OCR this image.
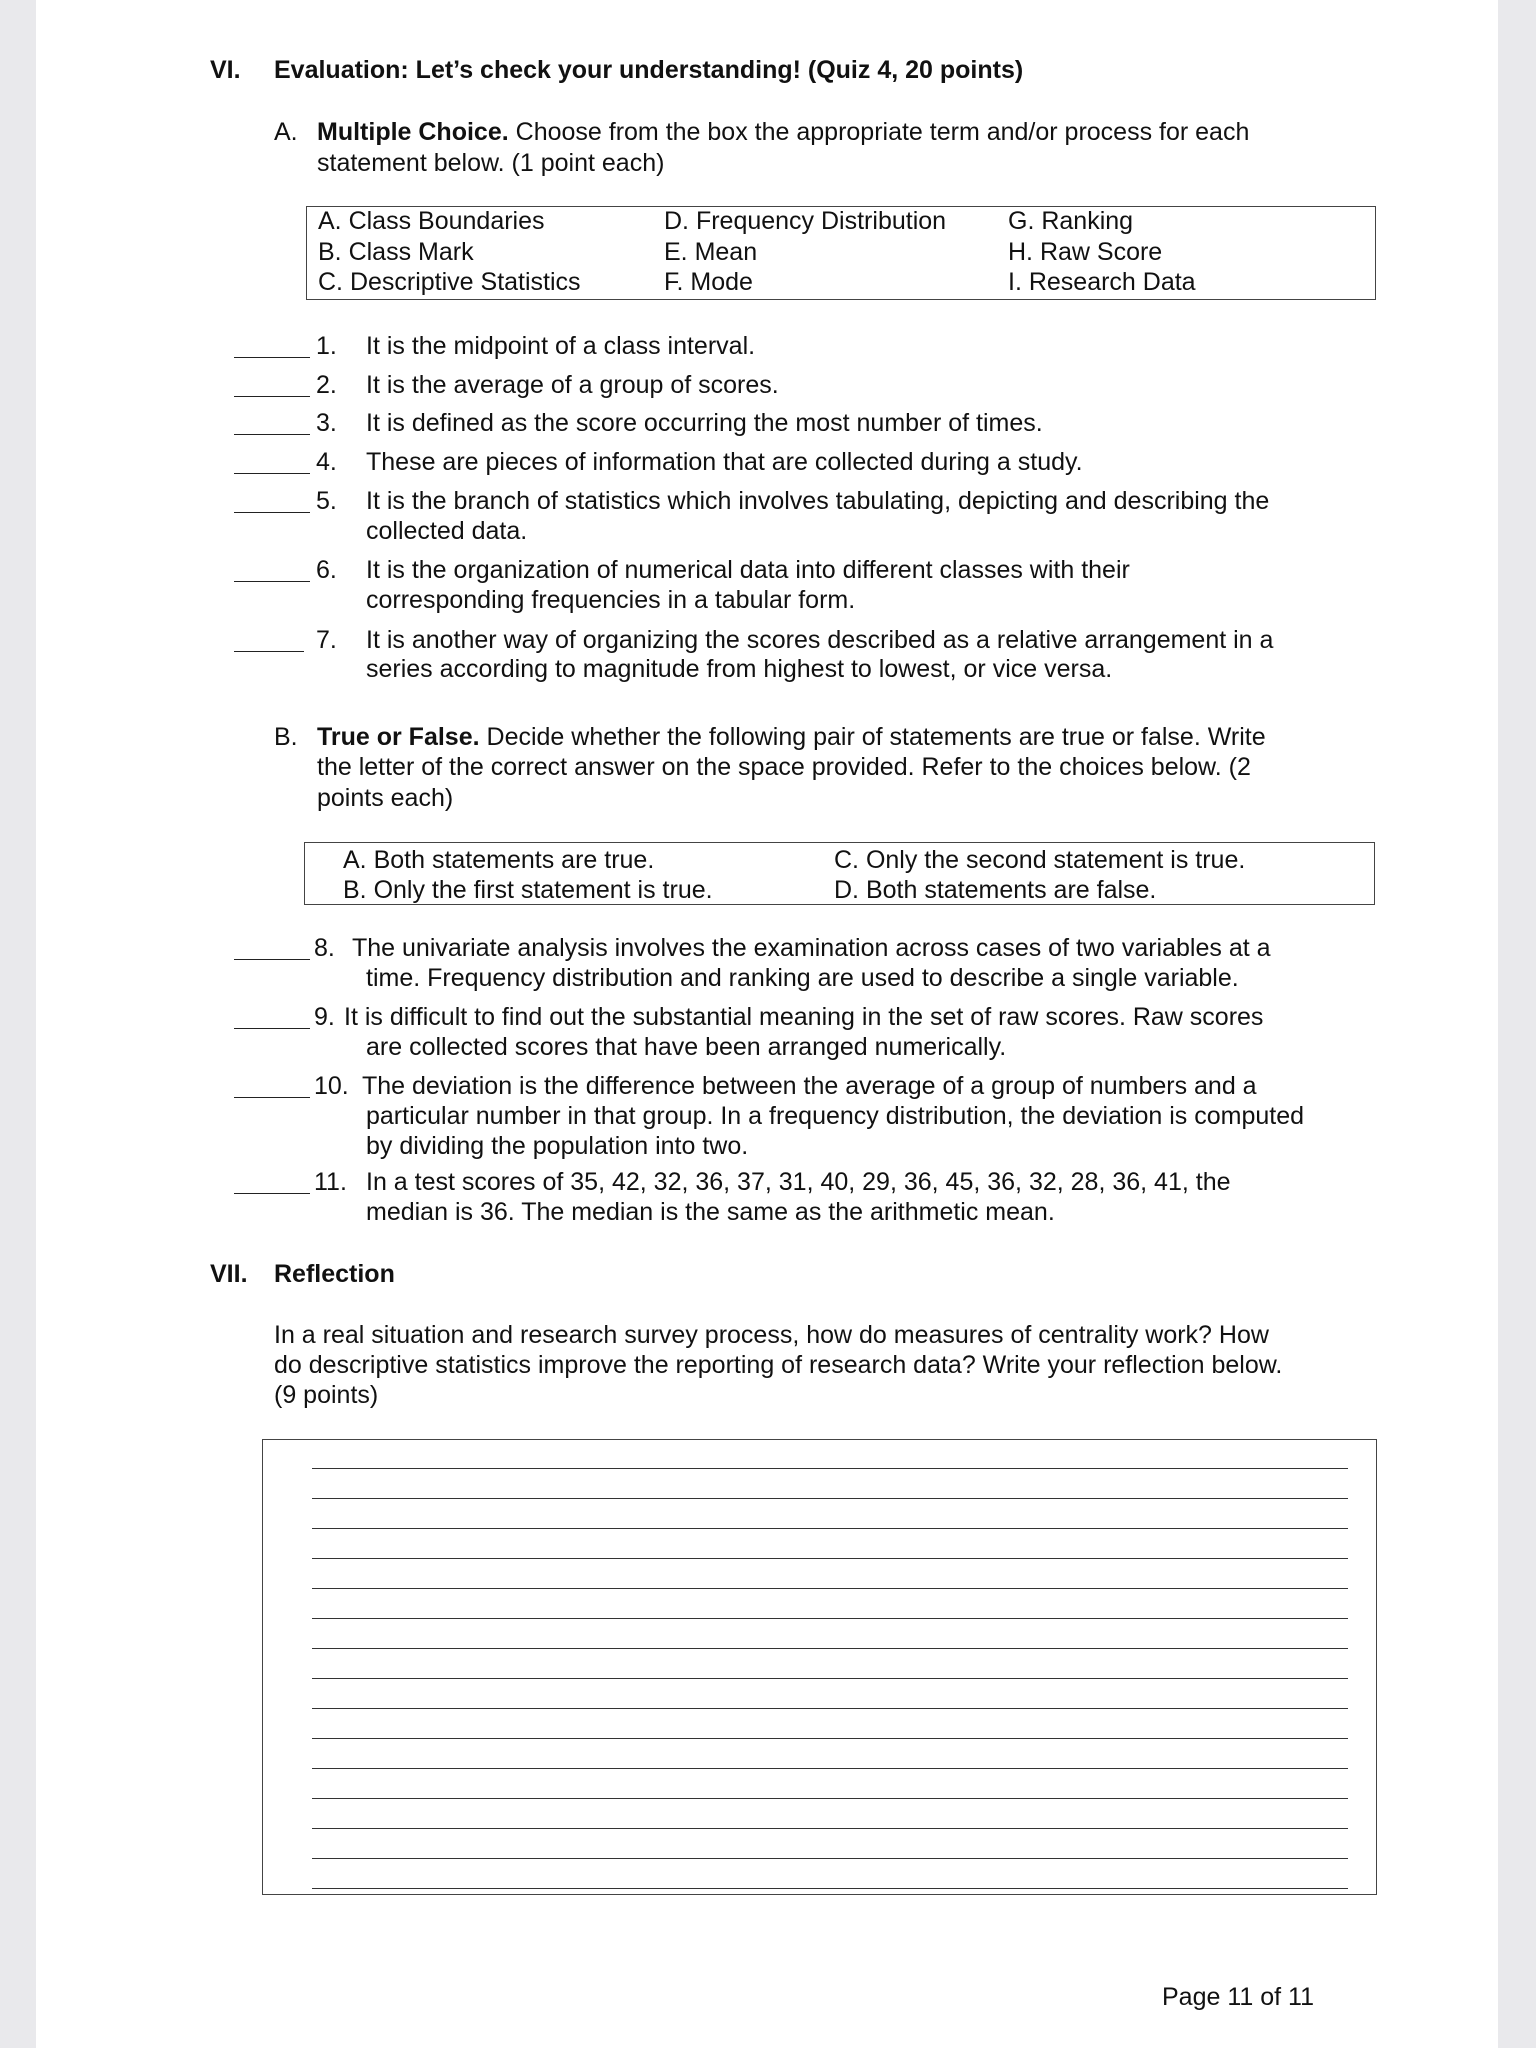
VI. Evaluation: Let’s check your understanding! (Quiz 4, 20 points)
A. Multiple Choice. Choose from the box the appropriate term and/or process for each
statement below. (1 point each)
A. Class Boundaries	D. Frequency Distribution G. Ranking
B. Class Mark	E. Mean	H. Raw Score
C. Descriptive Statistics	F. Mode	I. Research Data
1. It is the midpoint of a class interval.
2. It is the average of a group of scores.
3. It is defined as the score occurring the most number of times.
4. These are pieces of information that are collected during a study.
5. It is the branch of statistics which involves tabulating, depicting and describing the
collected data.
6. It is the organization of numerical data into different classes with their
corresponding frequencies in a tabular form.
7. It is another way of organizing the scores described as a relative arrangement in a
series according to magnitude from highest to lowest, or vice versa.
B. True or False. Decide whether the following pair of statements are true or false. Write
the letter of the correct answer on the space provided. Refer to the choices below. (2
points each)
A. Both statements are true.	C. Only the second statement is true.
B. Only the first statement is true.	D. Both statements are false.
8. The univariate analysis involves the examination across cases of two variables at a
time. Frequency distribution and ranking are used to describe a single variable.
9. It is difficult to find out the substantial meaning in the set of raw scores. Raw scores
are collected scores that have been arranged numerically.
10. The deviation is the difference between the average of a group of numbers and a
particular number in that group. In a frequency distribution, the deviation is computed
by dividing the population into two.
11. In a test scores of 35, 42, 32, 36, 37, 31, 40, 29, 36, 45, 36, 32, 28, 36, 41, the
median is 36. The median is the same as the arithmetic mean.
VII. Reflection
In a real situation and research survey process, how do measures of centrality work? How
do descriptive statistics improve the reporting of research data? Write your reflection below.
(9 points)
Page 11 of 11
